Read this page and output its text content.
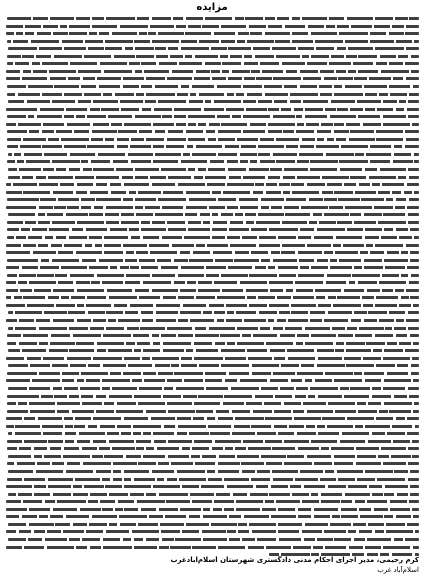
مزایده
کرم رحیمی، مدیر اجرای احکام مدنی دادگستری شهرستان اسلام‌آبادغرب
اسلام‌آباد غرب
